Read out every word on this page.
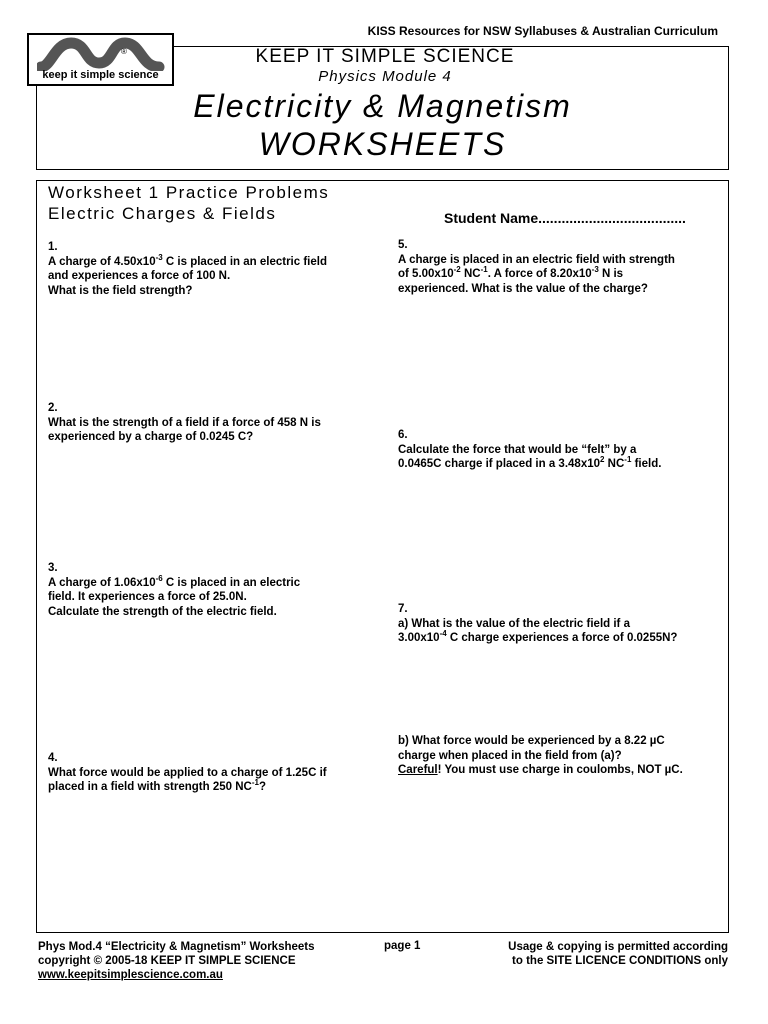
KISS Resources for NSW Syllabuses & Australian Curriculum
®
keep it simple science
KEEP IT SIMPLE SCIENCE
Physics Module 4
Electricity & Magnetism
WORKSHEETS
Worksheet 1 Practice Problems
Electric Charges & Fields	Student Name......................................

1.

A charge of $4.50x10^{-3}$ C is placed in an electric field

and experiences a force of 100 N.

What is the field strength?

2.

What is the strength of a field if a force of 458 N is

experienced by a charge of 0.0245 C?

3.

A charge of $1.06x10^{-6}$ C is placed in an electric

field. It experiences a force of 25.0N.

Calculate the strength of the electric field.

4.

What force would be applied to a charge of 1.25C if

placed in a field with strength 250 $NC^{-1}$?

5.

A charge is placed in an electric field with strength

of $5.00x10^{-2}$ $NC^{-1}$. A force of $8.20x10^{-3}$ N is

experienced. What is the value of the charge?

6.

Calculate the force that would be “felt” by a

0.0465C charge if placed in a $3.48x10^2$ $NC^{-1}$ field.

7.

a) What is the value of the electric field if a

$3.00x10^{-4}$ C charge experiences a force of 0.0255N?

b) What force would be experienced by a 8.22 µC

charge when placed in the field from (a)?

Careful! You must use charge in coulombs, NOT µC.

Phys Mod.4 “Electricity & Magnetism” Worksheets
copyright © 2005-18 KEEP IT SIMPLE SCIENCE
www.keepitsimplescience.com.au
page 1	Usage & copying is permitted according
to the SITE LICENCE CONDITIONS only
